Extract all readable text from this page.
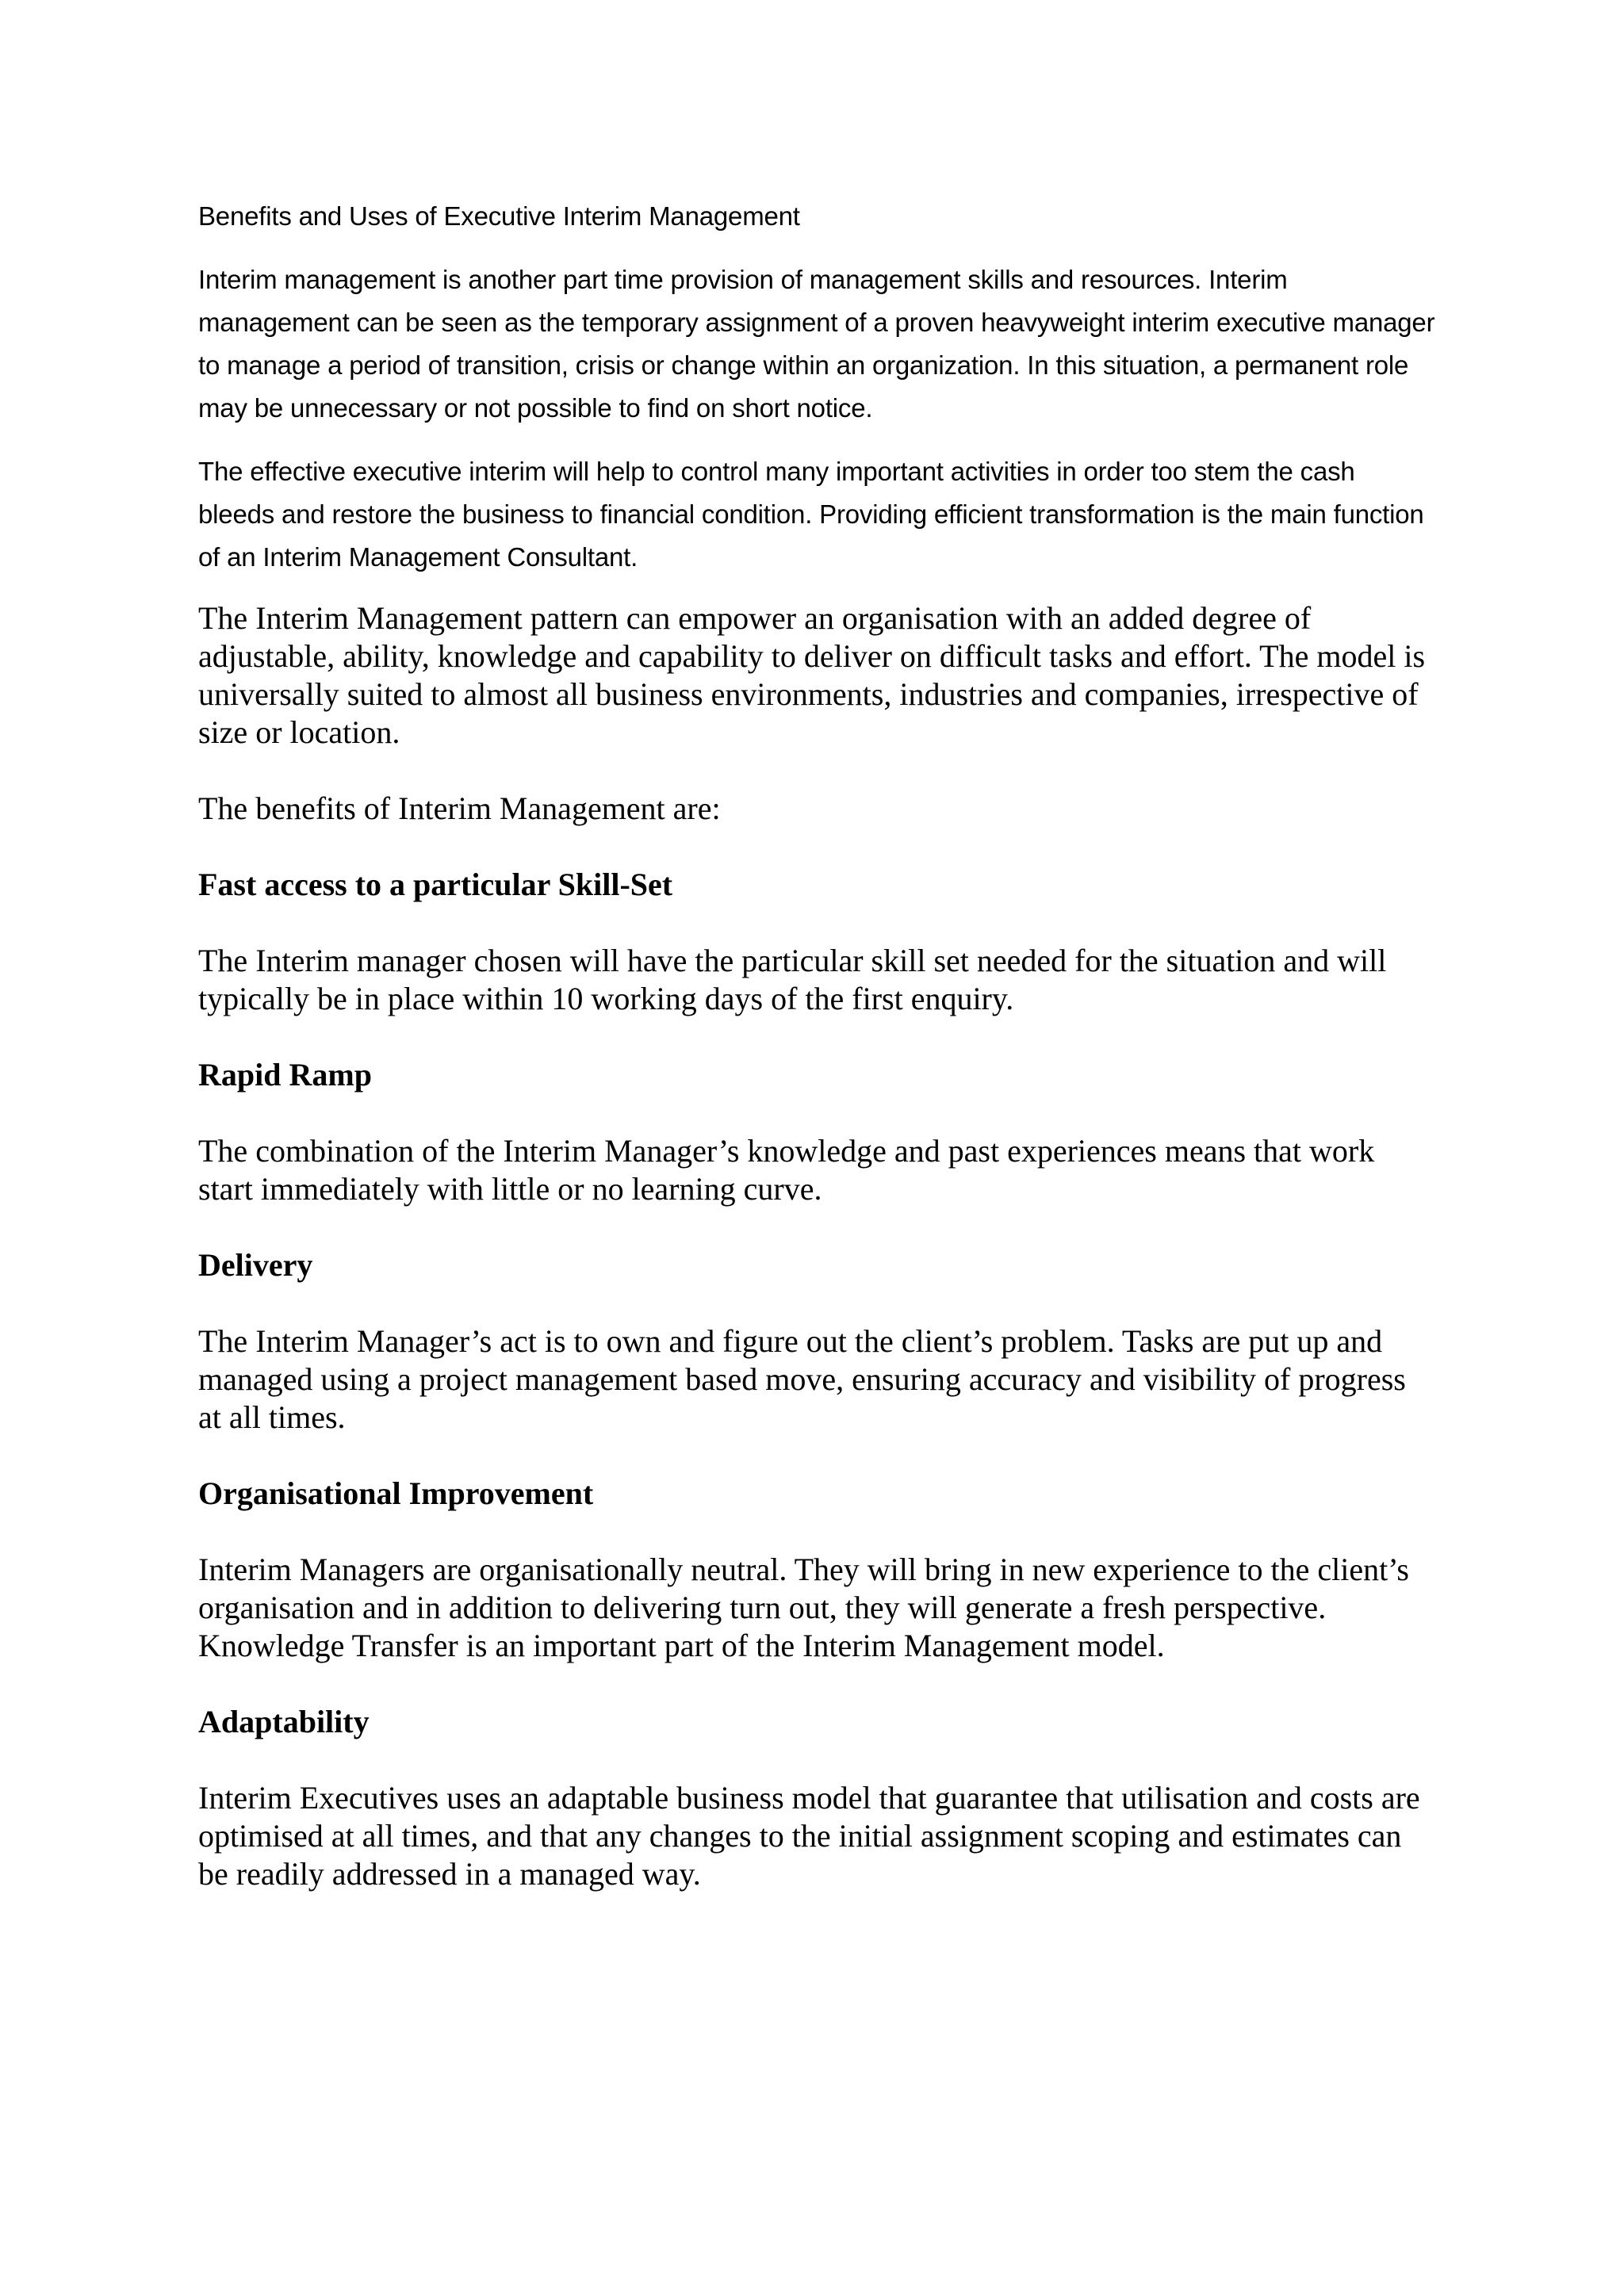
Benefits and Uses of Executive Interim Management

Interim management is another part time provision of management skills and resources. Interim management can be seen as the temporary assignment of a proven heavyweight interim executive manager to manage a period of transition, crisis or change within an organization. In this situation, a permanent role may be unnecessary or not possible to find on short notice.

The effective executive interim will help to control many important activities in order too stem the cash bleeds and restore the business to financial condition. Providing efficient transformation is the main function of an Interim Management Consultant.

The Interim Management pattern can empower an organisation with an added degree of adjustable, ability, knowledge and capability to deliver on difficult tasks and effort. The model is universally suited to almost all business environments, industries and companies, irrespective of size or location.

The benefits of Interim Management are:

Fast access to a particular Skill-Set

The Interim manager chosen will have the particular skill set needed for the situation and will typically be in place within 10 working days of the first enquiry.

Rapid Ramp

The combination of the Interim Manager’s knowledge and past experiences means that work start immediately with little or no learning curve.

Delivery

The Interim Manager’s act is to own and figure out the client’s problem. Tasks are put up and managed using a project management based move, ensuring accuracy and visibility of progress at all times.

Organisational Improvement

Interim Managers are organisationally neutral. They will bring in new experience to the client’s organisation and in addition to delivering turn out, they will generate a fresh perspective. Knowledge Transfer is an important part of the Interim Management model.

Adaptability

Interim Executives uses an adaptable business model that guarantee that utilisation and costs are optimised at all times, and that any changes to the initial assignment scoping and estimates can be readily addressed in a managed way.
